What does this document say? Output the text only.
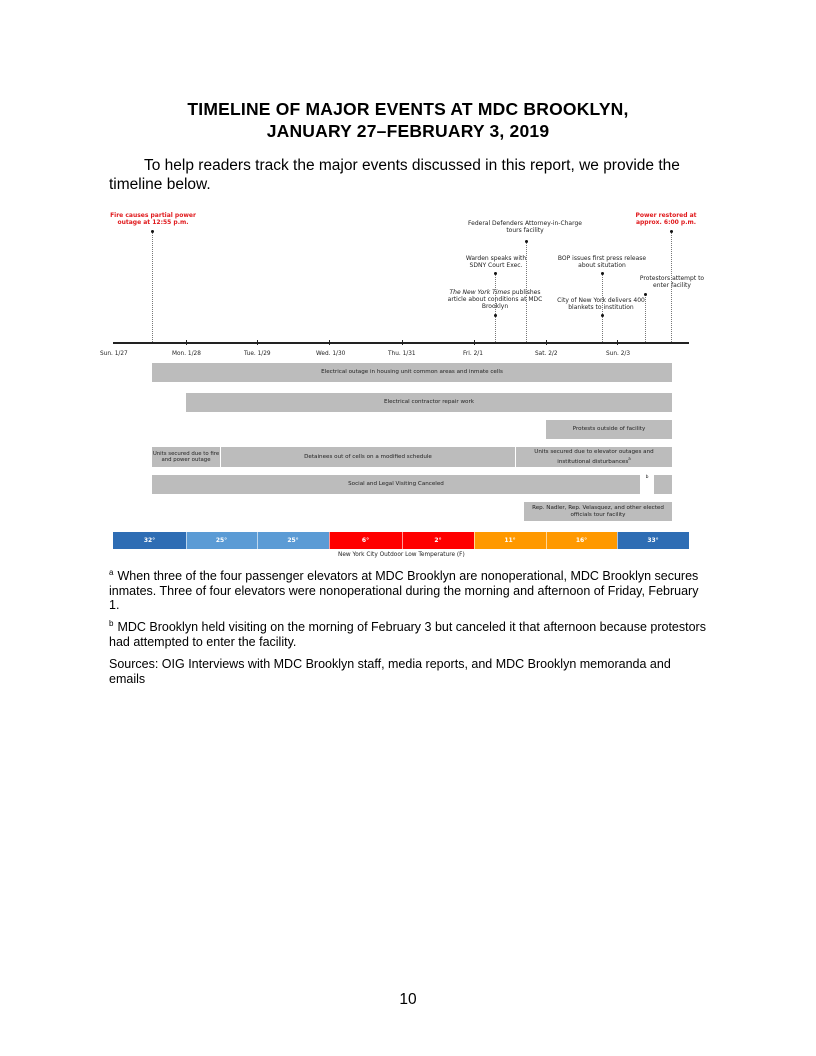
TIMELINE OF MAJOR EVENTS AT MDC BROOKLYN,
JANUARY 27–FEBRUARY 3, 2019
To help readers track the major events discussed in this report, we provide the timeline below.
Fire causes partial power outage at 12:55 p.m.
Power restored at approx. 6:00 p.m.
Federal Defenders Attorney-in-Charge tours facility
Warden speaks with SDNY Court Exec.
The New York Times publishes article about conditions at MDC Brooklyn
BOP issues first press release about situtation
Protestors attempt to enter facility
City of New York delivers 400 blankets to institution
Sun. 1/27	Mon. 1/28	Tue. 1/29	Wed. 1/30	Thu. 1/31	Fri. 2/1	Sat. 2/2	Sun. 2/3
Electrical outage in housing unit common areas and inmate cells
Electrical contractor repair work
Protests outside of facility
Units secured due to fire and power outage
Detainees out of cells on a modified schedule
Units secured due to elevator outages and institutional disturbances$^a$
Social and Legal Visiting Canceled
b
Rep. Nadler, Rep. Velasquez, and other elected officials tour facility
32°	25°	25°	6°	2°	11°	16°	33°
New York City Outdoor Low Temperature (F)
$^a$ When three of the four passenger elevators at MDC Brooklyn are nonoperational, MDC Brooklyn secures inmates. Three of four elevators were nonoperational during the morning and afternoon of Friday, February 1.
$^b$ MDC Brooklyn held visiting on the morning of February 3 but canceled it that afternoon because protestors had attempted to enter the facility.
Sources: OIG Interviews with MDC Brooklyn staff, media reports, and MDC Brooklyn memoranda and emails
10
